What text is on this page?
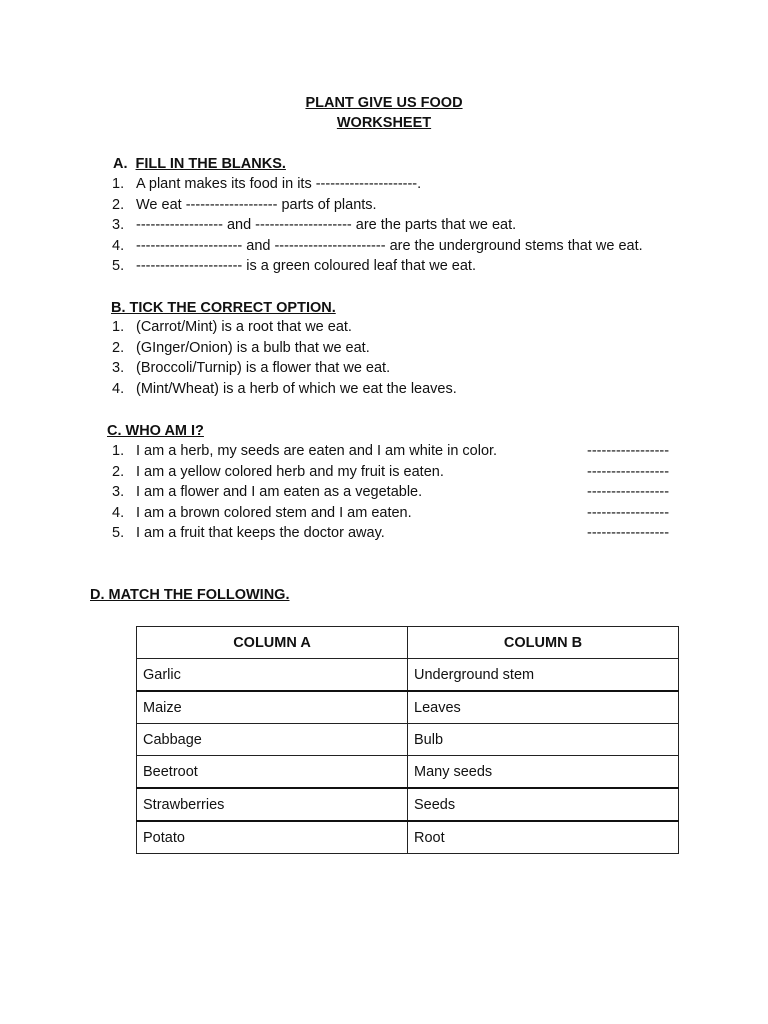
PLANT GIVE US FOOD
WORKSHEET
A. FILL IN THE BLANKS.
1. A plant makes its food in its ---------------------.
2. We eat ------------------- parts of plants.
3. ------------------ and -------------------- are the parts that we eat.
4. ---------------------- and ----------------------- are the underground stems that we eat.
5. ---------------------- is a green coloured leaf that we eat.
B. TICK THE CORRECT OPTION.
1. (Carrot/Mint) is a root that we eat.
2. (GInger/Onion) is a bulb that we eat.
3. (Broccoli/Turnip) is a flower that we eat.
4. (Mint/Wheat) is a herb of which we eat the leaves.
C. WHO AM I?
1. I am a herb, my seeds are eaten and I am white in color.	-----------------
2. I am a yellow colored herb and my fruit is eaten.	-----------------
3. I am a flower and I am eaten as a vegetable.	-----------------
4. I am a brown colored stem and I am eaten.	-----------------
5. I am a fruit that keeps the doctor away.	-----------------
D. MATCH THE FOLLOWING.
COLUMN A	COLUMN B
Garlic	Underground stem
Maize	Leaves
Cabbage	Bulb
Beetroot	Many seeds
Strawberries	Seeds
Potato	Root
